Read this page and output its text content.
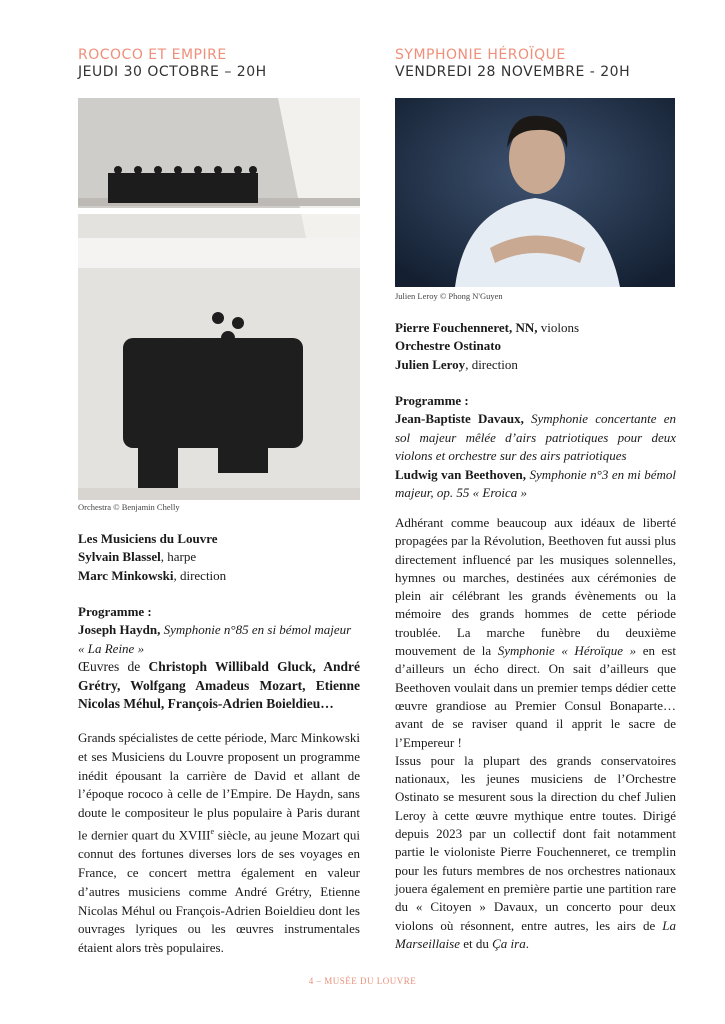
ROCOCO ET EMPIRE
JEUDI 30 OCTOBRE – 20H
SYMPHONIE HÉROÏQUE
VENDREDI 28 NOVEMBRE - 20H
Orchestra © Benjamin Chelly
Julien Leroy © Phong N'Guyen
Les Musiciens du Louvre
Sylvain Blassel, harpe
Marc Minkowski, direction
Programme :
Joseph Haydn, Symphonie n°85 en si bémol majeur « La Reine »
Œuvres de Christoph Willibald Gluck, André Grétry, Wolfgang Amadeus Mozart, Etienne Nicolas Méhul, François-Adrien Boieldieu…
Grands spécialistes de cette période, Marc Minkowski et ses Musiciens du Louvre proposent un programme inédit épousant la carrière de David et allant de l’époque rococo à celle de l’Empire. De Haydn, sans doute le compositeur le plus populaire à Paris durant le dernier quart du XVIIIe siècle, au jeune Mozart qui connut des fortunes diverses lors de ses voyages en France, ce concert mettra également en valeur d’autres musiciens comme André Grétry, Etienne Nicolas Méhul ou François-Adrien Boieldieu dont les ouvrages lyriques ou les œuvres instrumentales étaient alors très populaires.
Pierre Fouchenneret, NN, violons
Orchestre Ostinato
Julien Leroy, direction
Programme :
Jean-Baptiste Davaux, Symphonie concertante en sol majeur mêlée d’airs patriotiques pour deux violons et orchestre sur des airs patriotiques
Ludwig van Beethoven, Symphonie n°3 en mi bémol majeur, op. 55 « Eroica »
Adhérant comme beaucoup aux idéaux de liberté propagées par la Révolution, Beethoven fut aussi plus directement influencé par les musiques solennelles, hymnes ou marches, destinées aux cérémonies de plein air célébrant les grands évènements ou la mémoire des grands hommes de cette période troublée. La marche funèbre du deuxième mouvement de la Symphonie « Héroïque » en est d’ailleurs un écho direct. On sait d’ailleurs que Beethoven voulait dans un premier temps dédier cette œuvre grandiose au Premier Consul Bonaparte… avant de se raviser quand il apprit le sacre de l’Empereur !
Issus pour la plupart des grands conservatoires nationaux, les jeunes musiciens de l’Orchestre Ostinato se mesurent sous la direction du chef Julien Leroy à cette œuvre mythique entre toutes. Dirigé depuis 2023 par un collectif dont fait notamment partie le violoniste Pierre Fouchenneret, ce tremplin pour les futurs membres de nos orchestres nationaux jouera également en première partie une partition rare du « Citoyen » Davaux, un concerto pour deux violons où résonnent, entre autres, les airs de La Marseillaise et du Ça ira.
4 – MUSÉE DU LOUVRE
